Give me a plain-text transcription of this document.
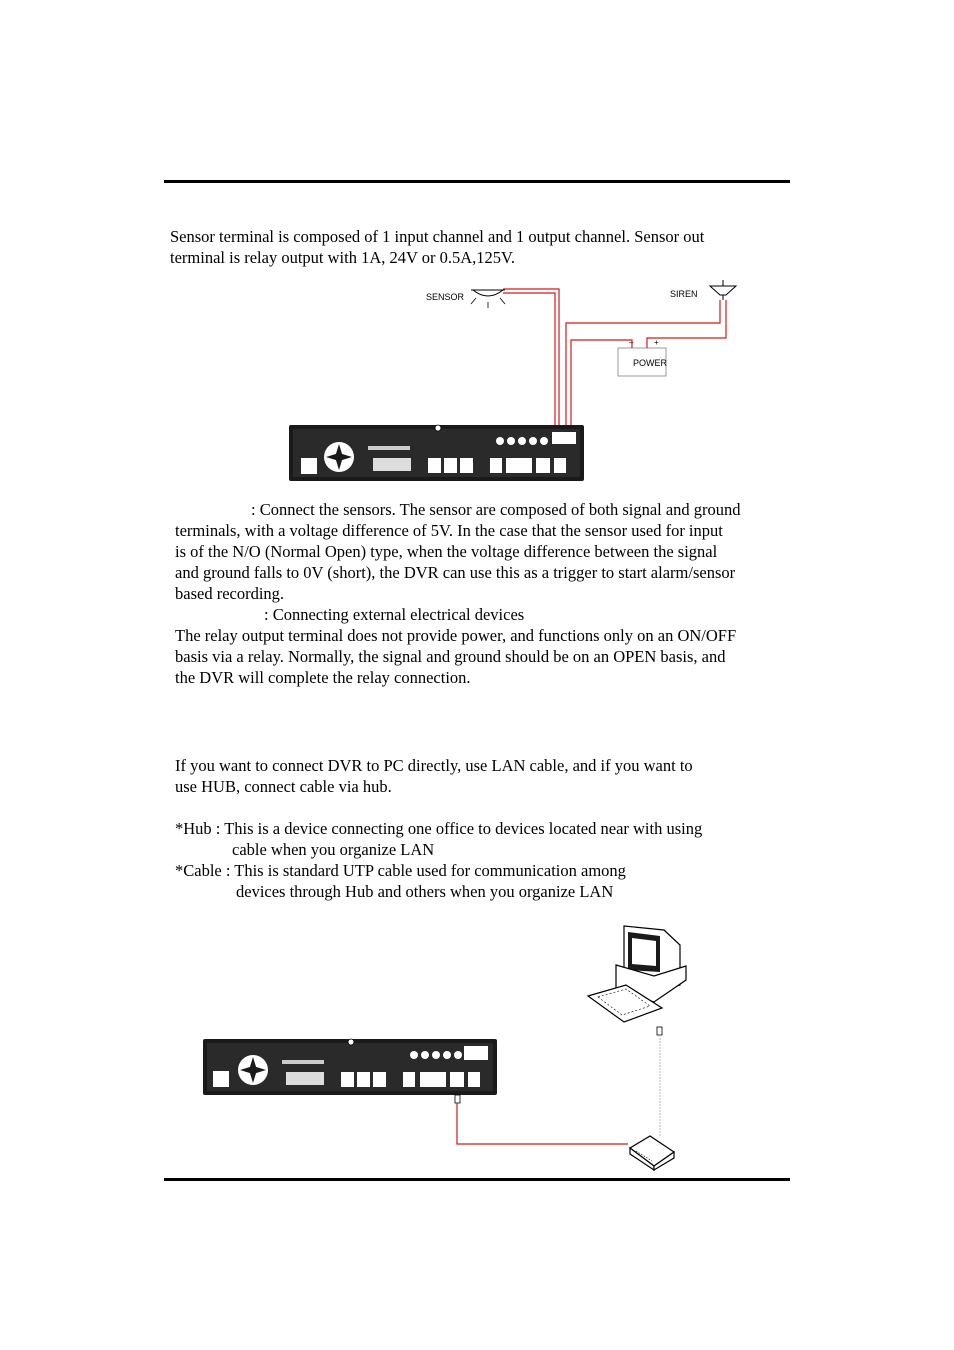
Sensor terminal is composed of 1 input channel and 1 output channel. Sensor out
terminal is relay output with 1A, 24V or 0.5A,125V.
SENSOR	SIREN
POWER
–	+
: Connect the sensors. The sensor are composed of both signal and ground
terminals, with a voltage difference of 5V. In the case that the sensor used for input
is of the N/O (Normal Open) type, when the voltage difference between the signal
and ground falls to 0V (short), the DVR can use this as a trigger to start alarm/sensor
based recording.
: Connecting external electrical devices
The relay output terminal does not provide power, and functions only on an ON/OFF
basis via a relay. Normally, the signal and ground should be on an OPEN basis, and
the DVR will complete the relay connection.
If you want to connect DVR to PC directly, use LAN cable, and if you want to
use HUB, connect cable via hub.
*Hub : This is a device connecting one office to devices located near with using
cable when you organize LAN
*Cable : This is standard UTP cable used for communication among
devices through Hub and others when you organize LAN
